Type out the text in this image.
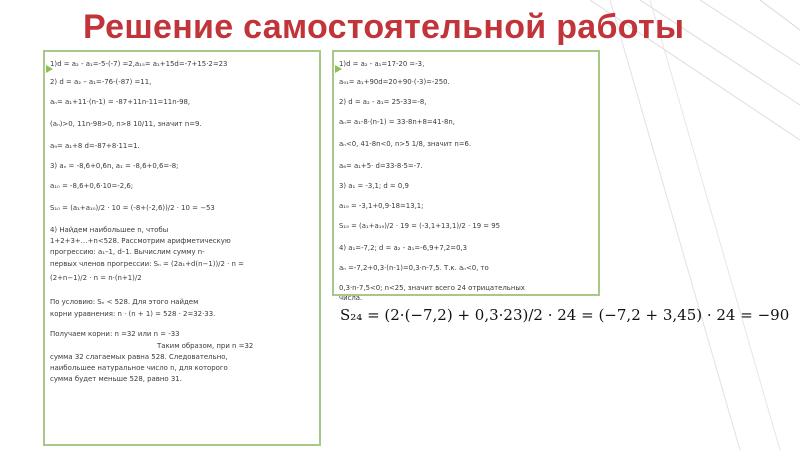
Решение самостоятельной работы
1)d = a₂ - a₁=-5-(-7) =2,a₁₅= a₁+15d=-7+15·2=23
2) d = a₂ – a₁=-76-(-87) =11,
aₙ= a₁+11·(n-1) = -87+11n-11=11n-98,
(aₙ)>0, 11n-98>0, n>8 10/11, значит n=9.
a₉= a₁+8 d=-87+8·11=1.
3) aₙ = -8,6+0,6n, a₁ = -8,6+0,6=-8;
a₁₀ = -8,6+0,6·10=-2,6;
S₁₀ = (a₁+a₁₀)/2 · 10 = (-8+(-2,6))/2 · 10 = −53
4) Найдем наибольшее n, чтобы
1+2+3+…+n<528. Рассмотрим арифметическую
прогрессию: a₁–1, d–1. Вычислим сумму n-
первых членов прогрессии: Sₙ = (2a₁+d(n−1))/2 · n =
(2+n−1)/2 · n = n·(n+1)/2
По условию: Sₙ < 528. Для этого найдем
корни уравнения: n · (n + 1) = 528 · 2=32·33.
Получаем корни: n =32 или n = -33
Таким образом, при n =32
сумма 32 слагаемых равна 528. Следовательно,
наибольшее натуральное число n, для которого
сумма будет меньше 528, равно 31.
1)d = a₂ - a₁=17-20 =-3,
a₉₁= a₁+90d=20+90·(-3)=-250.
2) d = a₂ - a₁= 25-33=-8,
aₙ= a₁-8·(n-1) = 33-8n+8=41-8n,
aₙ<0, 41-8n<0, n>5 1/8, значит n=6.
a₆= a₁+5· d=33-8·5=-7.
3) a₁ = -3,1; d = 0,9
a₁₉ = -3,1+0,9·18=13,1;
S₁₉ = (a₁+a₁₉)/2 · 19 = (-3,1+13,1)/2 · 19 = 95
4) a₁=-7,2; d = a₂ - a₁=-6,9+7,2=0,3
aₙ =-7,2+0,3·(n-1)=0,3·n-7,5. Т.к. aₙ<0, то
0,3·n-7,5<0; n<25, значит всего 24 отрицательных
числа.
S₂₄ = (2·(−7,2) + 0,3·23)/2 · 24 = (−7,2 + 3,45) · 24 = −90
